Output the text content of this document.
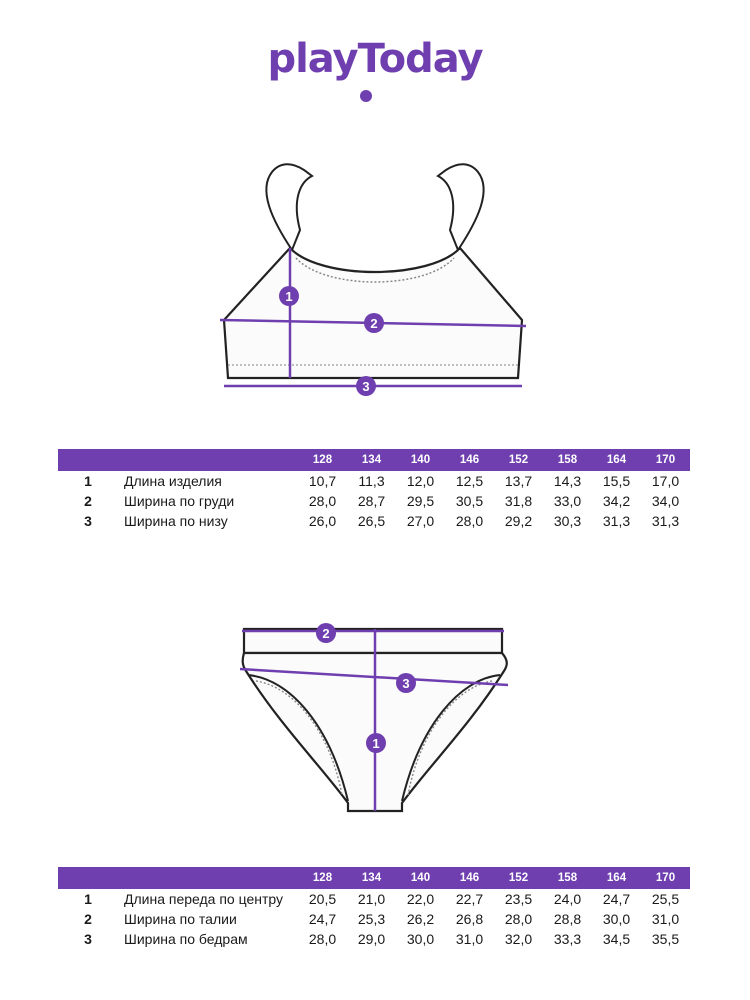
playToday
1
2
3
		128	134	140	146	152	158	164	170
1	Длина изделия	10,7	11,3	12,0	12,5	13,7	14,3	15,5	17,0
2	Ширина по груди	28,0	28,7	29,5	30,5	31,8	33,0	34,2	34,0
3	Ширина по низу	26,0	26,5	27,0	28,0	29,2	30,3	31,3	31,3
2
3
1
		128	134	140	146	152	158	164	170
1	Длина переда по центру	20,5	21,0	22,0	22,7	23,5	24,0	24,7	25,5
2	Ширина по талии	24,7	25,3	26,2	26,8	28,0	28,8	30,0	31,0
3	Ширина по бедрам	28,0	29,0	30,0	31,0	32,0	33,3	34,5	35,5
